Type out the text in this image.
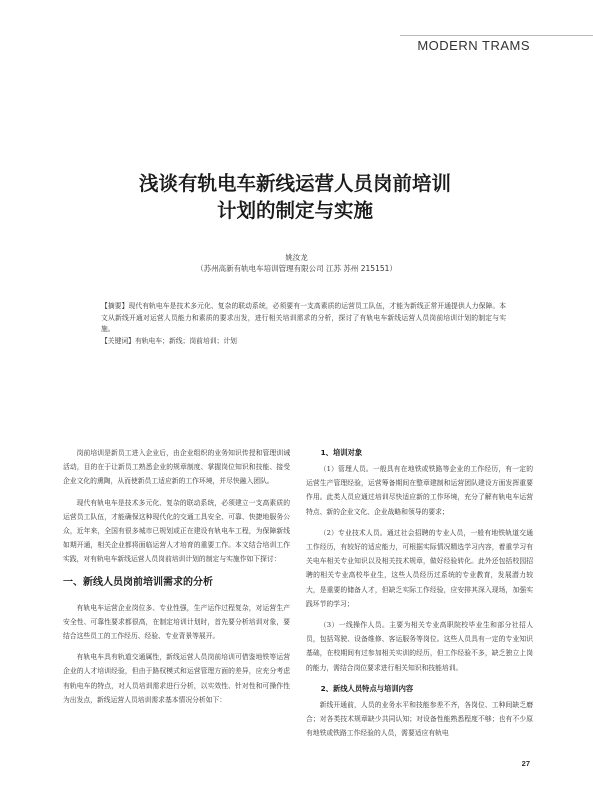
MODERN TRAMS
浅谈有轨电车新线运营人员岗前培训
计划的制定与实施
姚汝龙
（苏州高新有轨电车培训管理有限公司 江苏 苏州 215151）

【摘要】现代有轨电车是技术多元化、复杂的联动系统，必须要有一支高素质的运营员工队伍，才能为新线正常开通提供人力保障。本文从新线开通对运营人员能力和素质的要求出发，进行相关培训需求的分析，探讨了有轨电车新线运营人员岗前培训计划的制定与实施。

【关键词】有轨电车；新线；岗前培训；计划

岗前培训是新员工进入企业后，由企业组织的业务知识传授和管理训诫活动，目的在于让新员工熟悉企业的规章制度、掌握岗位知识和技能、接受企业文化的熏陶，从而使新员工适应新的工作环境，并尽快融入团队。

现代有轨电车是技术多元化、复杂的联动系统，必须建立一支高素质的运营员工队伍，才能确保这种现代化的交通工具安全、可靠、快捷地服务公众，近年来，全国有很多城市已规划或正在建设有轨电车工程，为保障新线如期开通，相关企业都将面临运营人才培育的重要工作。本文结合培训工作实践，对有轨电车新线运营人员岗前培训计划的制定与实施作如下探讨：

一、新线人员岗前培训需求的分析

有轨电车运营企业岗位多、专业性强，生产运作过程复杂，对运营生产安全性、可靠性要求都很高，在制定培训计划时，首先要分析培训对象，要结合这些员工的工作经历、经验、专业背景等展开。

有轨电车具有轨道交通属性，新线运营人员岗前培训可借鉴地铁等运营企业的人才培训经验，但由于路权模式和运营管理方面的差异，应充分考虑有轨电车的特点，对人员培训需求进行分析，以实效性、针对性和可操作性为出发点，新线运营人员培训需求基本情况分析如下：

1、培训对象

（1）管理人员。一般具有在地铁或铁路等企业的工作经历，有一定的运营生产管理经验，运营筹备期间在整章建制和运营团队建设方面发挥重要作用。此类人员应通过培训尽快适应新的工作环境，充分了解有轨电车运营特点、新的企业文化、企业战略和领导的要求；

（2）专业技术人员。通过社会招聘的专业人员，一般有地铁轨道交通工作经历，有较好的适应能力，可根据实际情况精选学习内容，着重学习有关电车相关专业知识以及相关技术规章，做好经验转化。此外还包括校园招聘的相关专业高校毕业生，这些人员经历过系统的专业教育，发展潜力较大，是重要的储备人才，但缺乏实际工作经验，应安排其深入现场，加强实践环节的学习；

（3）一线操作人员。主要为相关专业高职院校毕业生和部分社招人员，包括驾驶、设备维修、客运服务等岗位。这些人员具有一定的专业知识基础，在校期间有过参加相关实训的经历，但工作经验不多，缺乏独立上岗的能力，需结合岗位要求进行相关知识和技能培训。

2、新线人员特点与培训内容

新线开通前，人员的业务水平和技能参差不齐，各岗位、工种间缺乏磨合；对各类技术规章缺少共同认知；对设备性能熟悉程度不够；也有不少原有地铁或铁路工作经验的人员，需要适应有轨电

27
